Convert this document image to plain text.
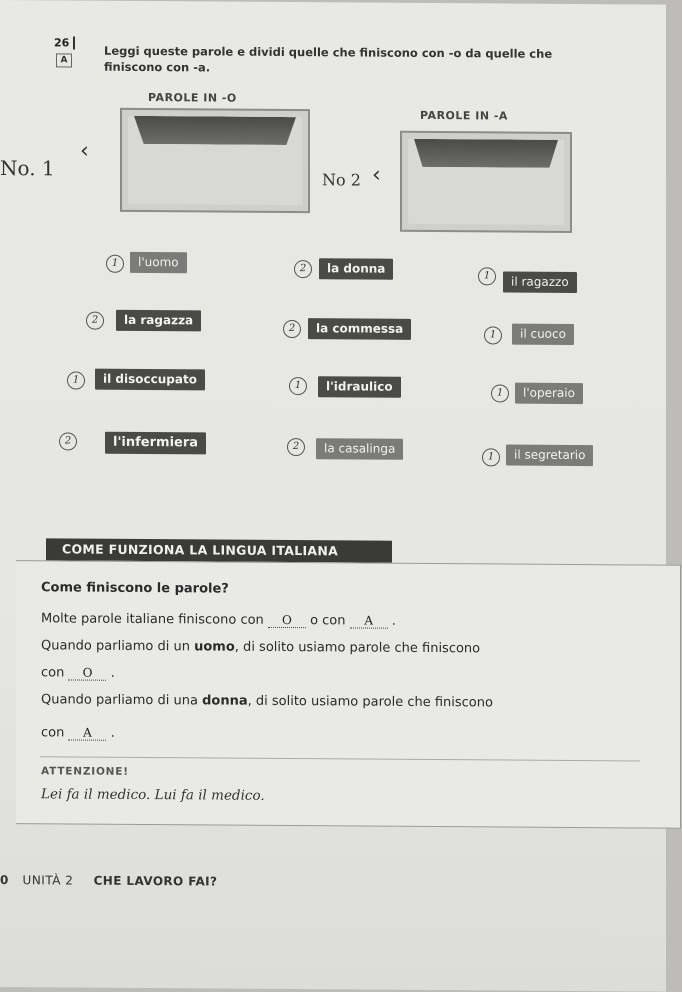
26
A	Leggi queste parole e dividi quelle che finiscono con -o da quelle che finiscono con -a.
PAROLE IN -O
No. 1
‹
PAROLE IN -A
No 2 ‹
1	l'uomo	2	la donna
1	il ragazzo
2	la ragazza
2	la commessa	1	il cuoco
1	il disoccupato	1	l'idraulico	1	l'operaio
2	l'infermiera	2	la casalinga
1	il segretario
COME FUNZIONA LA LINGUA ITALIANA
Come finiscono le parole?
Molte parole italiane finiscono con O o con A .
Quando parliamo di un uomo, di solito usiamo parole che finiscono
con O .
Quando parliamo di una donna, di solito usiamo parole che finiscono
con A .
ATTENZIONE!
Lei fa il medico. Lui fa il medico.
0 UNITÀ 2 CHE LAVORO FAI?
